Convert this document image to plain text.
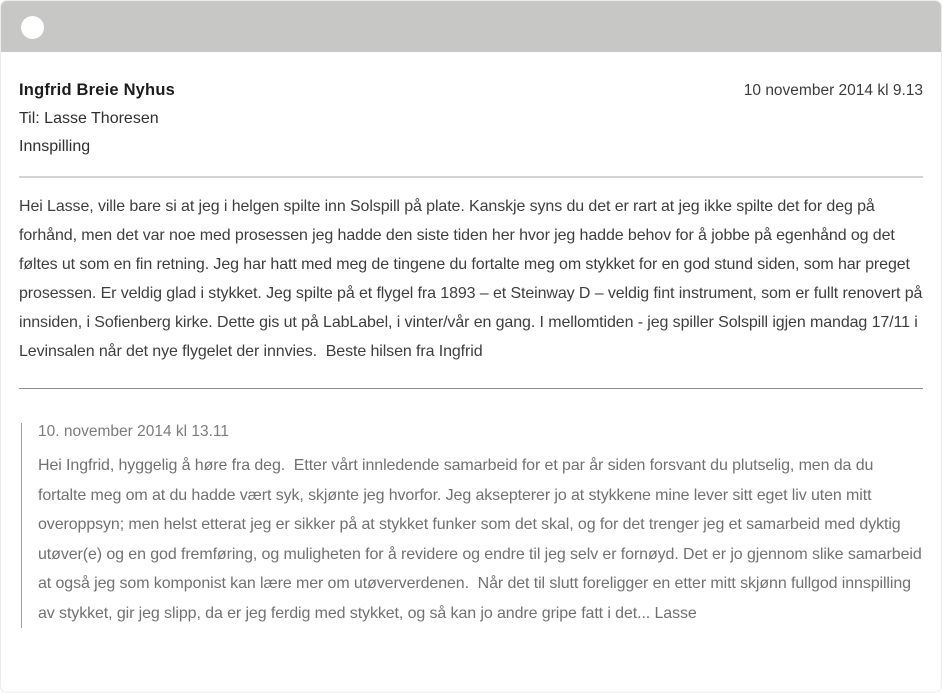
Ingfrid Breie Nyhus	10 november 2014 kl 9.13
Til: Lasse Thoresen
Innspilling

Hei Lasse, ville bare si at jeg i helgen spilte inn Solspill på plate. Kanskje syns du det er rart at jeg ikke spilte det for deg på forhånd, men det var noe med prosessen jeg hadde den siste tiden her hvor jeg hadde behov for å jobbe på egenhånd og det føltes ut som en fin retning. Jeg har hatt med meg de tingene du fortalte meg om stykket for en god stund siden, som har preget prosessen. Er veldig glad i stykket. Jeg spilte på et flygel fra 1893 – et Steinway D – veldig fint instrument, som er fullt renovert på innsiden, i Sofienberg kirke. Dette gis ut på LabLabel, i vinter/vår en gang. I mellomtiden - jeg spiller Solspill igjen mandag 17/11 i Levinsalen når det nye flygelet der innvies.  Beste hilsen fra Ingfrid

10. november 2014 kl 13.11

Hei Ingfrid, hyggelig å høre fra deg.  Etter vårt innledende samarbeid for et par år siden forsvant du plutselig, men da du fortalte meg om at du hadde vært syk, skjønte jeg hvorfor. Jeg aksepterer jo at stykkene mine lever sitt eget liv uten mitt overoppsyn; men helst etterat jeg er sikker på at stykket funker som det skal, og for det trenger jeg et samarbeid med dyktig utøver(e) og en god fremføring, og muligheten for å revidere og endre til jeg selv er fornøyd. Det er jo gjennom slike samarbeid at også jeg som komponist kan lære mer om utøververdenen.  Når det til slutt foreligger en etter mitt skjønn fullgod innspilling av stykket, gir jeg slipp, da er jeg ferdig med stykket, og så kan jo andre gripe fatt i det... Lasse
